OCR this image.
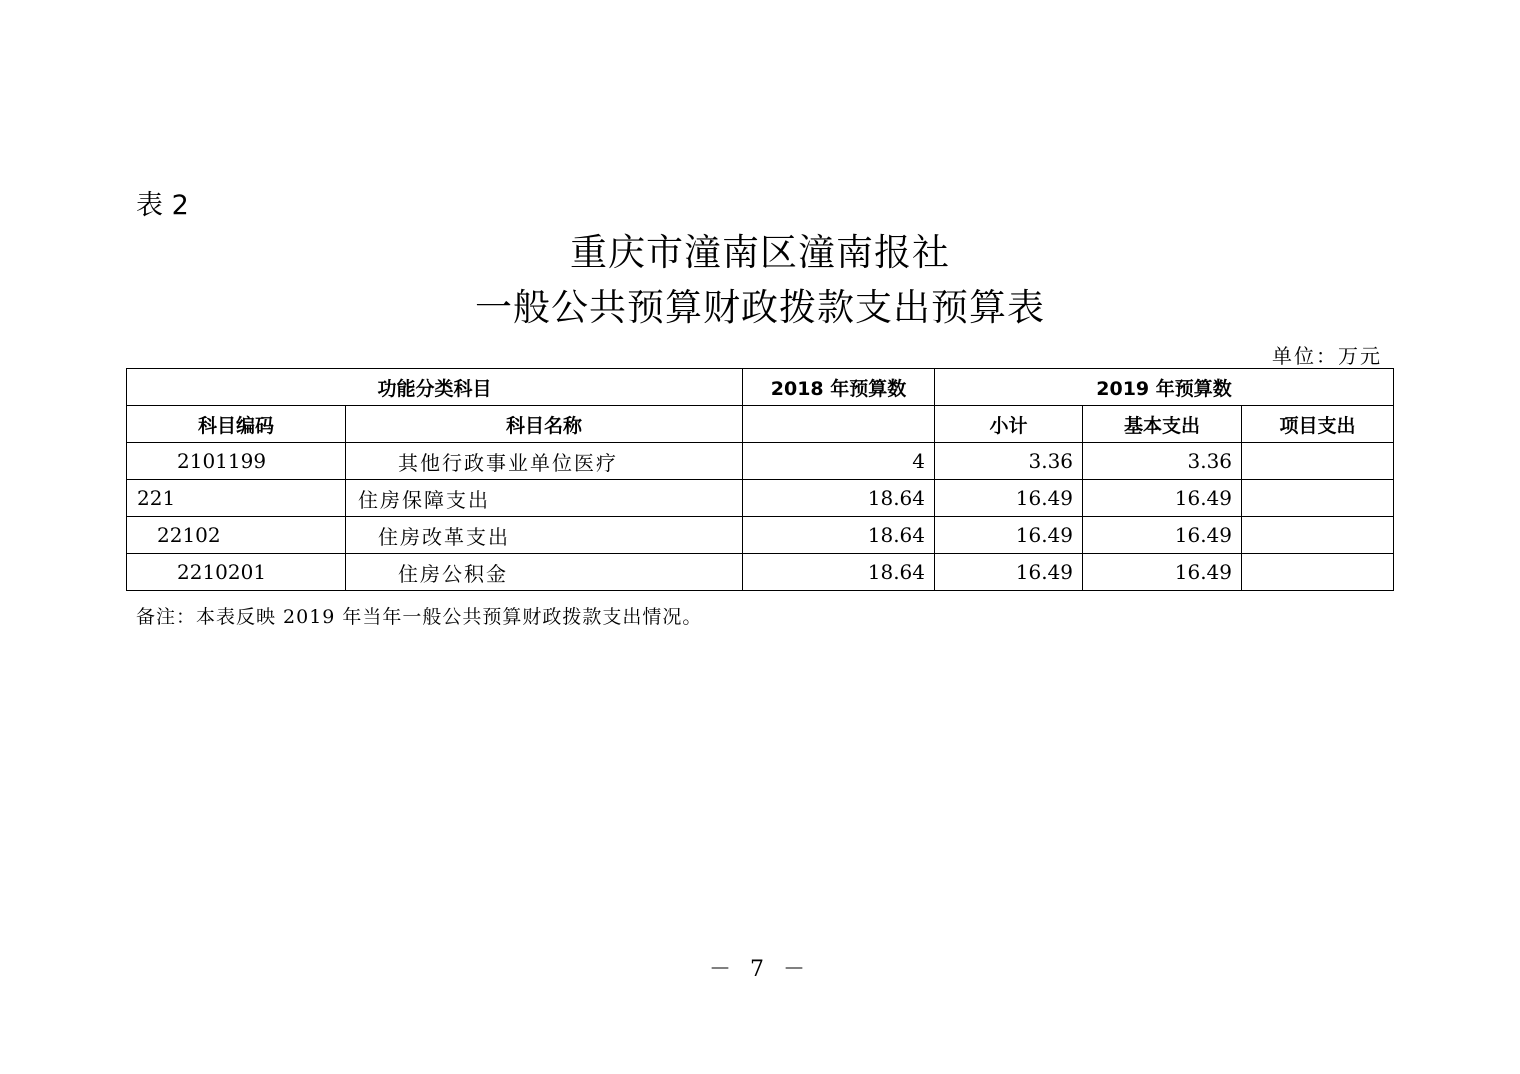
表 2
重庆市潼南区潼南报社
一般公共预算财政拨款支出预算表
单位：万元
功能分类科目		2018 年预算数	2019 年预算数		
科目编码	科目名称		小计	基本支出	项目支出
2101199	其他行政事业单位医疗	4	3.36	3.36	
221	住房保障支出	18.64	16.49	16.49	
22102	住房改革支出	18.64	16.49	16.49	
2210201	住房公积金	18.64	16.49	16.49	
备注：本表反映 2019 年当年一般公共预算财政拨款支出情况。
－ 7 －
